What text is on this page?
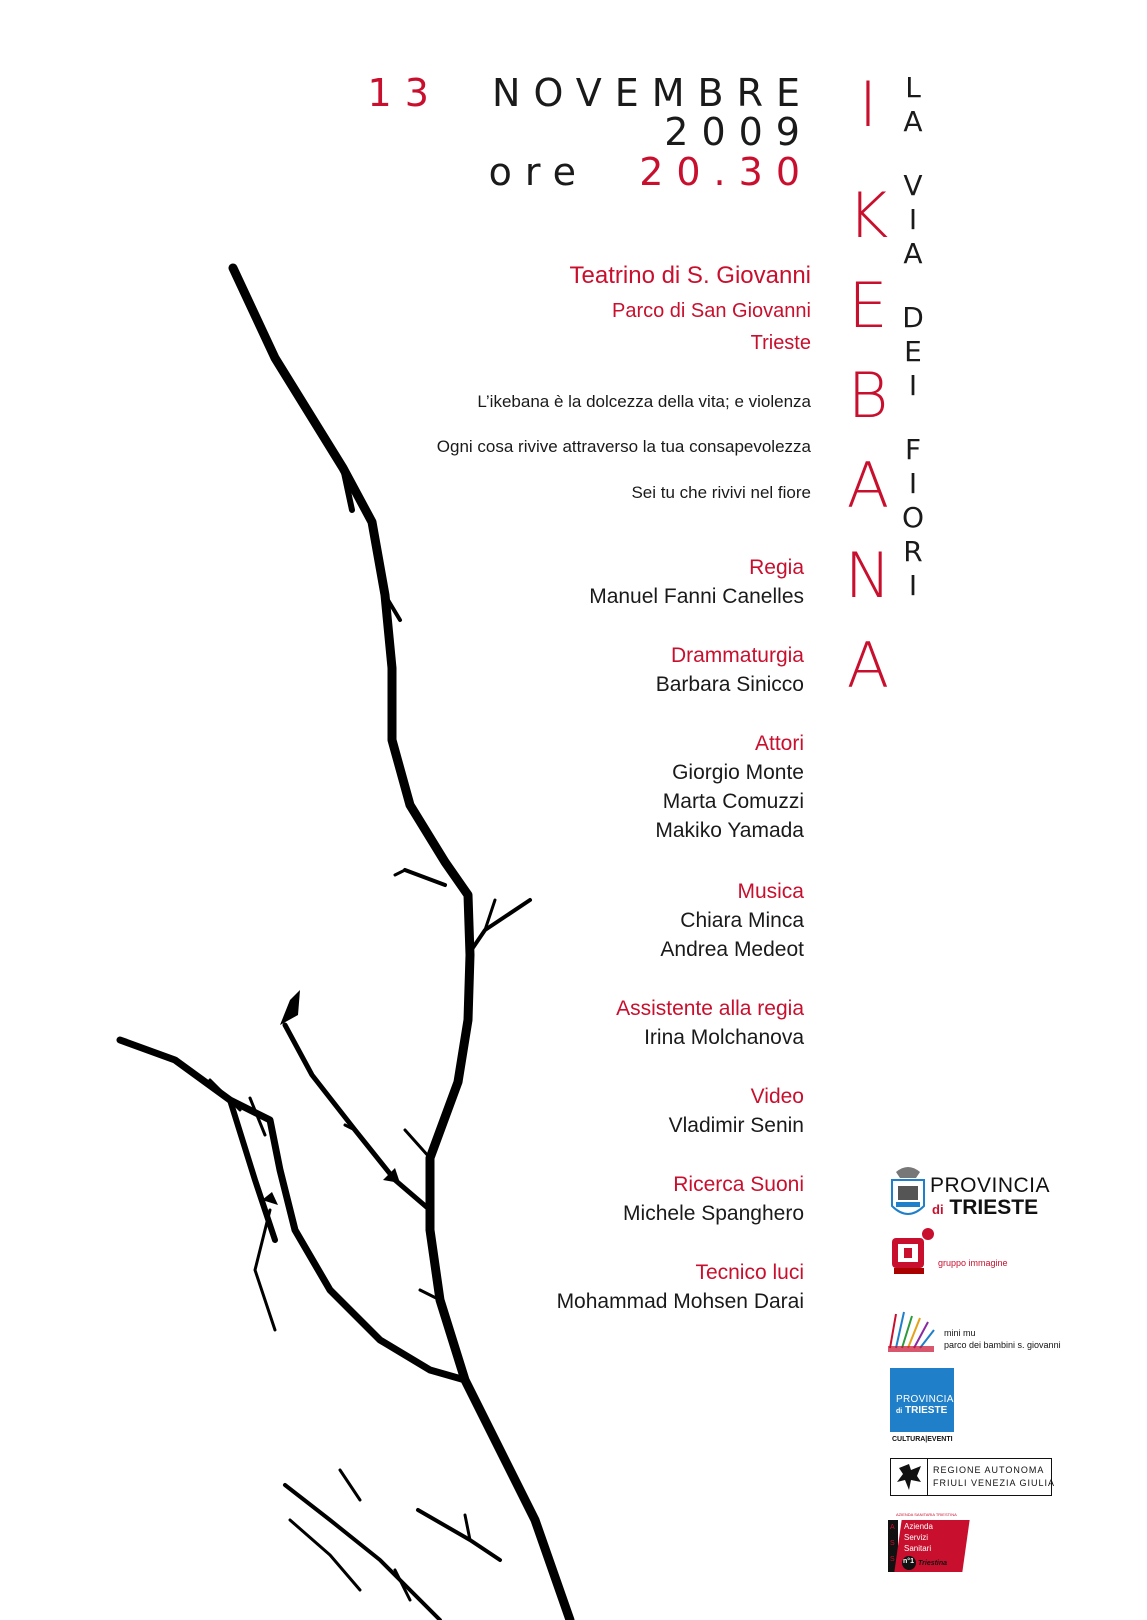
13 NOVEMBRE
2009
ore 20.30
I
K
E
B
A
N
A
L
A
V
I
A
D
E
I
F
I
O
R
I
Teatrino di S. Giovanni
Parco di San Giovanni
Trieste
L’ikebana è la dolcezza della vita; e violenza
Ogni cosa rivive attraverso la tua consapevolezza
Sei tu che rivivi nel fiore
Regia
Manuel Fanni Canelles
Drammaturgia
Barbara Sinicco
Attori
Giorgio Monte
Marta Comuzzi
Makiko Yamada
Musica
Chiara Minca
Andrea Medeot
Assistente alla regia
Irina Molchanova
Video
Vladimir Senin
Ricerca Suoni
Michele Spanghero
Tecnico luci
Mohammad Mohsen Darai
PROVINCIA
di TRIESTE
gruppo immagine
mini mu
parco dei bambini s. giovanni
PROVINCIA
di TRIESTE
CULTURA|EVENTI
REGIONE AUTONOMA
FRIULI VENEZIA GIULIA
AZIENDA SANITARIA TRIESTINA
A
S
S
Azienda
Servizi
Sanitari
n°1 Triestina
